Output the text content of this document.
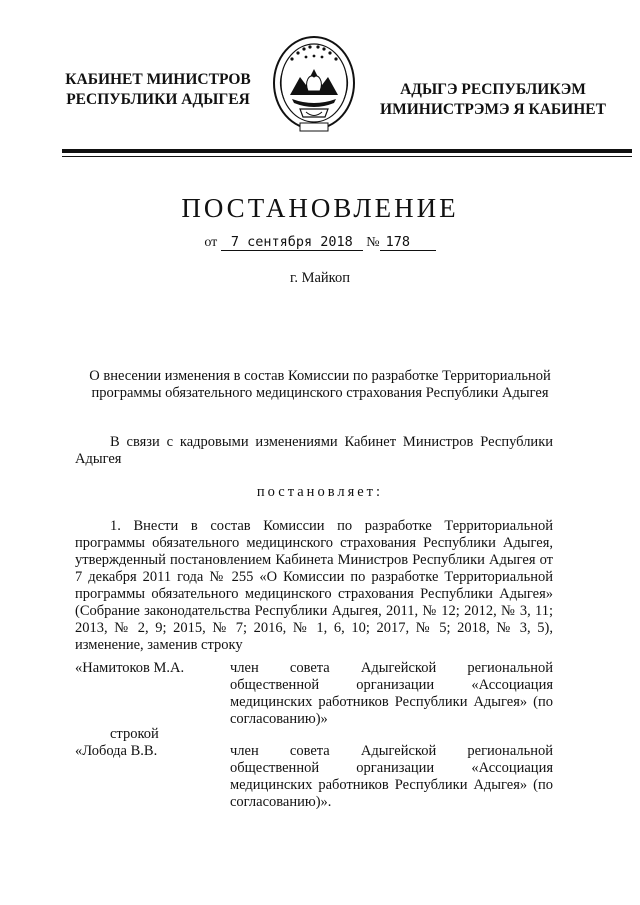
КАБИНЕТ МИНИСТРОВ
РЕСПУБЛИКИ АДЫГЕЯ
АДЫГЭ РЕСПУБЛИКЭМ
ИМИНИСТРЭМЭ Я КАБИНЕТ
ПОСТАНОВЛЕНИЕ
от 7 сентября 2018 № 178
г. Майкоп
О внесении изменения в состав Комиссии по разработке Территориальной программы обязательного медицинского страхования Республики Адыгея
В связи с кадровыми изменениями Кабинет Министров Республики Адыгея
постановляет:
1. Внести в состав Комиссии по разработке Территориальной программы обязательного медицинского страхования Республики Адыгея, утвержденный постановлением Кабинета Министров Республики Адыгея от 7 декабря 2011 года № 255 «О Комиссии по разработке Территориальной программы обязательного медицинского страхования Республики Адыгея» (Собрание законодательства Республики Адыгея, 2011, № 12; 2012, № 3, 11; 2013, № 2, 9; 2015, № 7; 2016, № 1, 6, 10; 2017, № 5; 2018, № 3, 5), изменение, заменив строку
«Намитоков М.А.	член совета Адыгейской региональной общественной организации «Ассоциация медицинских работников Республики Адыгея» (по согласованию)»
строкой
«Лобода В.В.	член совета Адыгейской региональной общественной организации «Ассоциация медицинских работников Республики Адыгея» (по согласованию)».
